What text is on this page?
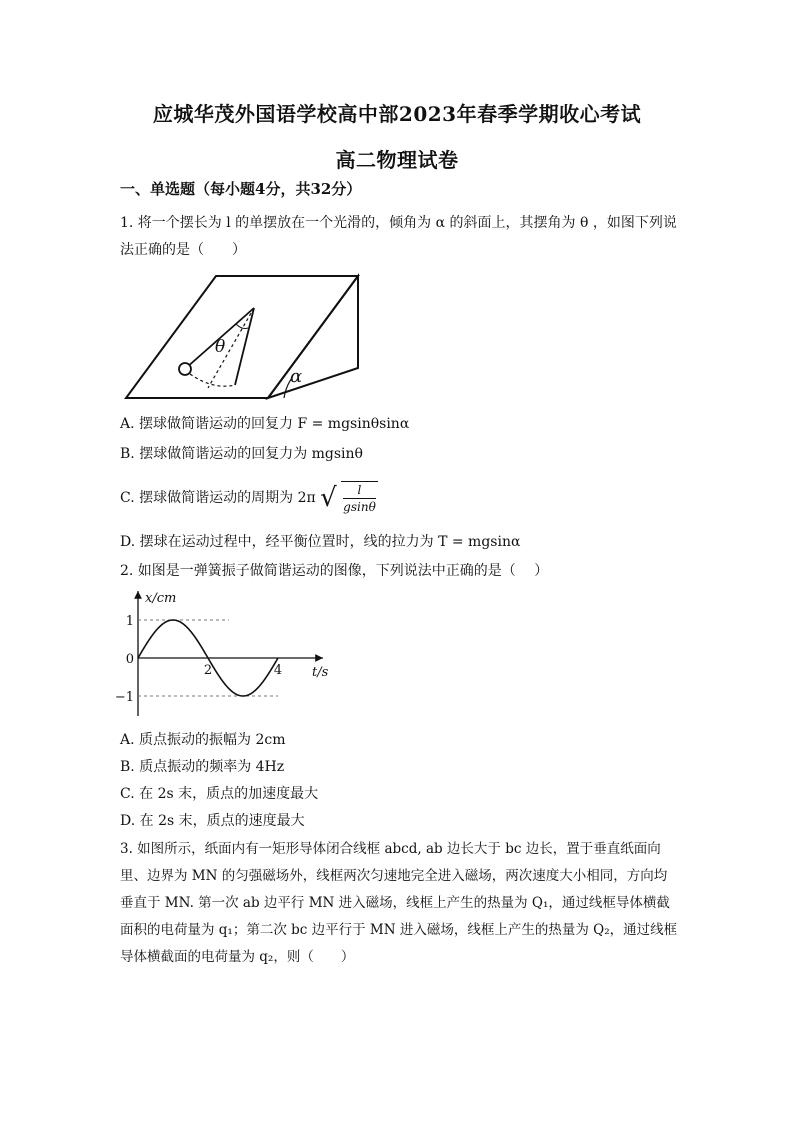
应城华茂外国语学校高中部2023年春季学期收心考试
高二物理试卷
一、单选题（每小题4分，共32分）
1. 将一个摆长为 l 的单摆放在一个光滑的，倾角为 α 的斜面上，其摆角为 θ ，如图下列说
法正确的是（　　）
θ
α
A. 摆球做简谐运动的回复力 F = mgsinθsinα
B. 摆球做简谐运动的回复力为 mgsinθ
C. 摆球做简谐运动的周期为 2π √ $\frac{l}{gsin\theta}$
D. 摆球在运动过程中，经平衡位置时，线的拉力为 T = mgsinα
2. 如图是一弹簧振子做简谐运动的图像，下列说法中正确的是（　 ）
x/cm
t/s
1
0
−1
2	4
A. 质点振动的振幅为 2cm
B. 质点振动的频率为 4Hz
C. 在 2s 末，质点的加速度最大
D. 在 2s 末，质点的速度最大
3. 如图所示，纸面内有一矩形导体闭合线框 abcd, ab 边长大于 bc 边长，置于垂直纸面向
里、边界为 MN 的匀强磁场外，线框两次匀速地完全进入磁场，两次速度大小相同，方向均
垂直于 MN. 第一次 ab 边平行 MN 进入磁场，线框上产生的热量为 Q₁，通过线框导体横截
面积的电荷量为 q₁；第二次 bc 边平行于 MN 进入磁场，线框上产生的热量为 Q₂，通过线框
导体横截面的电荷量为 q₂，则（　　）
